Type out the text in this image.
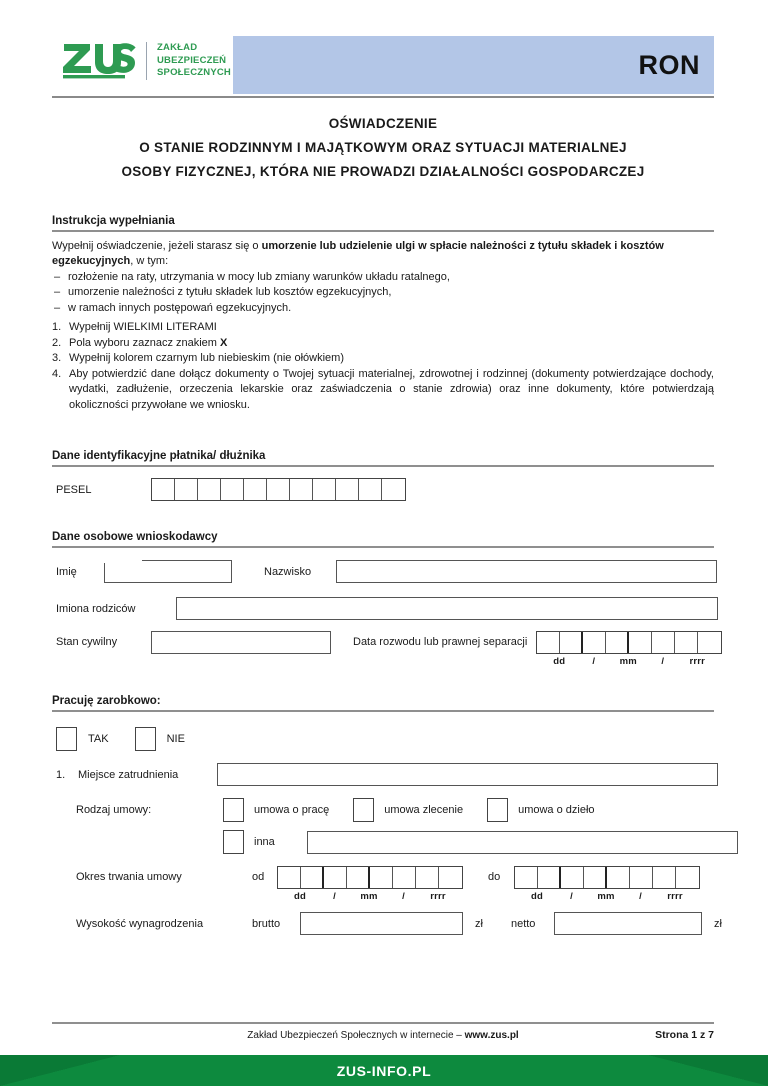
ZAKŁAD
UBEZPIECZEŃ
SPOŁECZNYCH	RON
OŚWIADCZENIE
O STANIE RODZINNYM I MAJĄTKOWYM ORAZ SYTUACJI MATERIALNEJ
OSOBY FIZYCZNEJ, KTÓRA NIE PROWADZI DZIAŁALNOŚCI GOSPODARCZEJ
Instrukcja wypełniania
Wypełnij oświadczenie, jeżeli starasz się o umorzenie lub udzielenie ulgi w spłacie należności z tytułu składek i kosztów egzekucyjnych, w tym:
– rozłożenie na raty, utrzymania w mocy lub zmiany warunków układu ratalnego,
– umorzenie należności z tytułu składek lub kosztów egzekucyjnych,
– w ramach innych postępowań egzekucyjnych.
1. Wypełnij WIELKIMI LITERAMI
2. Pola wyboru zaznacz znakiem X
3. Wypełnij kolorem czarnym lub niebieskim (nie ołówkiem)
4. Aby potwierdzić dane dołącz dokumenty o Twojej sytuacji materialnej, zdrowotnej i rodzinnej (dokumenty potwierdzające dochody, wydatki, zadłużenie, orzeczenia lekarskie oraz zaświadczenia o stanie zdrowia) oraz inne dokumenty, które potwierdzają okoliczności przywołane we wniosku.
Dane identyfikacyjne płatnika/ dłużnika
PESEL
Dane osobowe wnioskodawcy
Imię	Nazwisko
Imiona rodziców
Stan cywilny	Data rozwodu lub prawnej separacji
dd	/	mm	/	rrrr
Pracuję zarobkowo:
TAK	NIE
1.	Miejsce zatrudnienia
Rodzaj umowy:	umowa o pracę	umowa zlecenie	umowa o dzieło
inna
Okres trwania umowy	od
dd	/	mm	/	rrrr
do
dd	/	mm	/	rrrr
Wysokość wynagrodzenia	brutto	zł	netto	zł
Zakład Ubezpieczeń Społecznych w internecie – www.zus.pl	Strona 1 z 7
ZUS-INFO.PL
